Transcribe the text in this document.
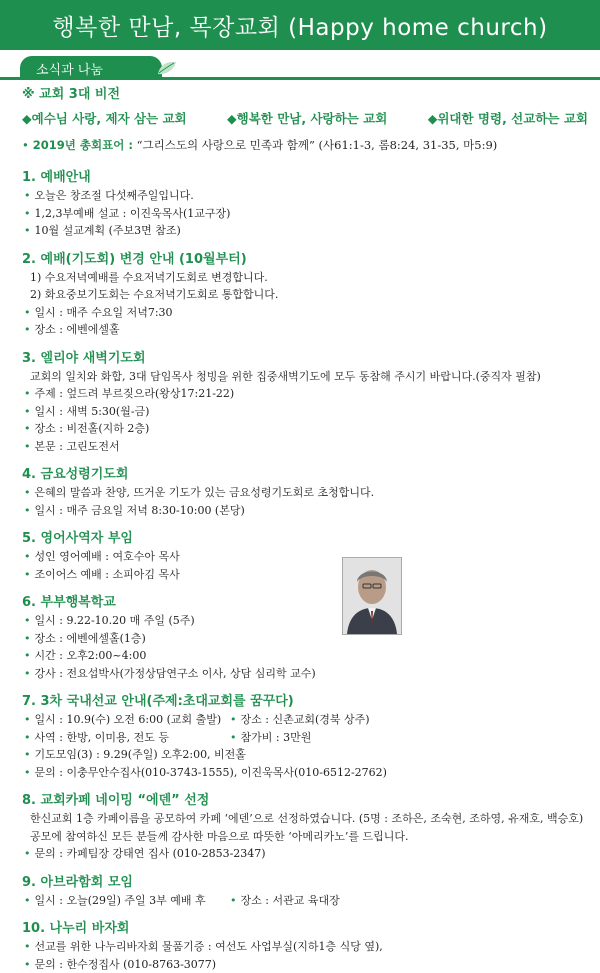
행복한 만남, 목장교회 (Happy home church)
소식과 나눔
※ 교회 3대 비전
◆예수님 사랑, 제자 삼는 교회	◆행복한 만남, 사랑하는 교회	◆위대한 명령, 선교하는 교회
• 2019년 총회표어 : “그리스도의 사랑으로 민족과 함께” (사61:1-3, 롬8:24, 31-35, 마5:9)
1. 예배안내
• 오늘은 창조절 다섯째주일입니다.
• 1,2,3부예배 설교 : 이진욱목사(1교구장)
• 10월 설교계획 (주보3면 참조)
2. 예배(기도회) 변경 안내 (10월부터)
1) 수요저녁예배를 수요저녁기도회로 변경합니다.
2) 화요중보기도회는 수요저녁기도회로 통합합니다.
• 일시 : 매주 수요일 저녁7:30
• 장소 : 에벤에셀홀
3. 엘리야 새벽기도회
교회의 일치와 화합, 3대 담임목사 청빙을 위한 집중새벽기도에 모두 동참해 주시기 바랍니다.(중직자 필참)
• 주제 : 엎드려 부르짖으라(왕상17:21-22)
• 일시 : 새벽 5:30(월-금)
• 장소 : 비전홀(지하 2층)
• 본문 : 고린도전서
4. 금요성령기도회
• 은혜의 말씀과 찬양, 뜨거운 기도가 있는 금요성령기도회로 초청합니다.
• 일시 : 매주 금요일 저녁 8:30-10:00 (본당)
5. 영어사역자 부임
• 성인 영어예배 : 여호수아 목사
• 조이어스 예배 : 소피아김 목사
6. 부부행복학교
• 일시 : 9.22-10.20 매 주일 (5주)
• 장소 : 에벤에셀홀(1층)
• 시간 : 오후2:00~4:00
• 강사 : 전요섭박사(가정상담연구소 이사, 상담 심리학 교수)
7. 3차 국내선교 안내(주제:초대교회를 꿈꾸다)
• 일시 : 10.9(수) 오전 6:00 (교회 출발) • 장소 : 신촌교회(경북 상주)
• 사역 : 한방, 이미용, 전도 등	• 참가비 : 3만원
• 기도모임(3) : 9.29(주일) 오후2:00, 비전홀
• 문의 : 이충무안수집사(010-3743-1555), 이진욱목사(010-6512-2762)
8. 교회카페 네이밍 “에덴” 선정
한신교회 1층 카페이름을 공모하여 카페 ‘에덴’으로 선정하였습니다. (5명 : 조하은, 조숙현, 조하영, 유재호, 백승호)
공모에 참여하신 모든 분들께 감사한 마음으로 따뜻한 ‘아메리카노’를 드립니다.
• 문의 : 카페팀장 강태연 집사 (010-2853-2347)
9. 아브라함회 모임
• 일시 : 오늘(29일) 주일 3부 예배 후	• 장소 : 서관교 육대장
10. 나누리 바자회
• 선교를 위한 나누리바자회 물품기증 : 여선도 사업부실(지하1층 식당 옆),
• 문의 : 한수정집사 (010-8763-3077)
